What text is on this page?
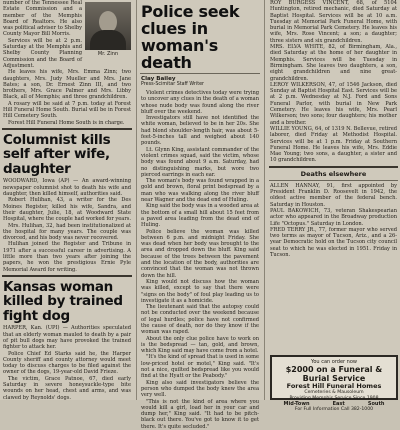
Mr. Zinn

number of the Tennessee Real Estate Commission and a member of the Memphis Board of Realtors. He also was political adviser to Shelby County Mayor Bill Morris.

Services will be at 2 p.m. Saturday at the Memphis and Shelby County Planning Commission and the Board of Adjustment.

He leaves his wife, Mrs. Emma Zinn; two daughters, Mrs. Judy Mueller and Mrs. Jane Bates; a son, Dr. Ernest Zinn III, and two brothers, Mrs. Grace Palmer and Mrs. Libby Black, all of Memphis; and three grandchildren.

A rosary will be said at 7 p.m. today at Forest Hill Funeral Home South. Burial will be in Forest Hill Cemetery South.

Forest Hill Funeral Home South is in charge.

Columnist kills self after wife, daughter

WOODWARD, Iowa (AP) — An award-winning newspaper columnist shot to death his wife and daughter, then killed himself, authorities said.

Robert Hulihan, 43, a writer for the Des Moines Register, killed his wife, Sandra, and their daughter, Julie, 18, at Woodward State Hospital, where the couple had worked for years.

Mrs. Hulihan, 32, had been institutionalized at the hospital for many years. The couple was divorced, and his body was never recovered.

Hulihan joined the Register and Tribune in 1971 after a successful career in advertising. A little more than two years after joining the papers, he won the prestigious Ernie Pyle Memorial Award for writing.

Kansas woman killed by trained fight dog

HARPER, Kan. (UPI) — Authorities speculated that an elderly woman mauled to death by a pair of pit bull dogs may have provoked the trained fighter to attack her.

Police Chief Ed Starks said he, the Harper County sheriff and county attorney would meet today to discuss charges to be filed against the owner of the dogs, 19-year-old David Frieze.

The victim, Grace Patnoe, 67, died early Saturday in severe honeysuckle-type bite wounds on her head, chest and arms, and was clawed by Reynolds' dogs.

Police seek clues in woman's death
Clay Bailey
Press-Scimitar Staff Writer

Violent crimes detectives today were trying to uncover any clues in the death of a woman whose nude body was found along the river bluff over the weekend.

Investigators still have not identified the white woman, believed to be in her 20s. She had blond shoulder-length hair, was about 5-feet-5-inches tall and weighed about 140 pounds.

Lt. Glynn King, assistant commander of the violent crimes squad, said the victim, whose body was found about 9 a.m. Saturday, had no distinguishing marks, but wore two pierced earrings in each ear.

The woman's body was found wrapped in a gold and brown, floral print bedspread by a man who was walking along the river bluff near Wagner and the dead end of Huling.

King said the body was in a wooded area at the bottom of a small hill about 15 feet from a paved area leading from the dead end of Huling.

Police believe the woman was killed between 6 p.m. and midnight Friday. She was dead when her body was brought to the area and dropped down the bluff. King said because of the trees between the pavement and the location of the body, authorities are convinced that the woman was not thrown down the hill.

King would not discuss how the woman was killed, except to say that there were "signs on the body" of foul play leading us to investigate it as a homicide.

The lieutenant said that the autopsy could not be conducted over the weekend because of legal hurdles; police have not confirmed the cause of death, nor do they know if the woman was raped.

About the only clue police have to work on is the bedspread — tan, gold, and brown, which King said may have come from a hotel.

"It's the kind of spread that is used in some low-priced hotel or motel," King said. "It's not a nice, quilted bedspread like you would find at the Hyatt or the Peabody."

King also said investigators believe the person who dumped the body knew the area very well.

"This is not the kind of area where you would kill a girl, load her in your car and dump her," King said. "It had to be pitch-black out there. You've got to know it to get there. It's quite secluded."

ROY BURGESS VINCENT, 68, of 5104 Huntington, retired mechanic, died Saturday at Baptist Hospital. Services will be at 10 a.m. Tuesday at Memorial Park Funeral Home, with burial in Memorial Park Cemetery. He leaves his wife, Mrs. Rose Vincent; a son; a daughter; three sisters and six grandchildren.

MRS. ELVA WHITE, 82, of Birmingham, Ala., died Saturday at the home of her daughter in Memphis. Services will be Tuesday in Birmingham. She leaves two daughters, a son, eight grandchildren and nine great-grandchildren.

LEROY WILKERSON, 47, of 1546 Jackson, died Sunday at Baptist Hospital East. Services will be at 2 p.m. Wednesday at N.J. Ford and Sons Funeral Parlor, with burial in New Park Cemetery. He leaves his wife, Mrs. Pearl Wilkerson; two sons; four daughters; his mother and a brother.

WILLIE YOUNG, 64, of 1319 N. Bellevue, retired laborer, died Friday at Methodist Hospital. Services will be at 1 p.m. Friday at Southern Funeral Home. He leaves his wife, Mrs. Eddie Mae Young; two sons, a daughter, a sister and 10 grandchildren.

Deaths elsewhere

ALLEN HANNAY, 91, first appointed by President Franklin D. Roosevelt in 1942, the oldest active member of the federal bench. Saturday in Houston.

PAUL BAKOWICH, 73, veteran Shakespearian actor who appeared in the Broadway production Life "Octopus." Saturday in London.

FRED TERRY JR., 77, former mayor who served two terms as mayor of Tucson, Ariz., and a 26-year Democratic hold on the Tucson city council seat to which he was elected in 1951. Friday in Tucson.

You can order now
$2000 on a Funeral & Burial Service
Forest Hill Funeral Homes
Cemeteries & Mausoleum
Providing Memphis Service Since 1908
Mid-Town	East	South
For Full Information Call 382-1000
